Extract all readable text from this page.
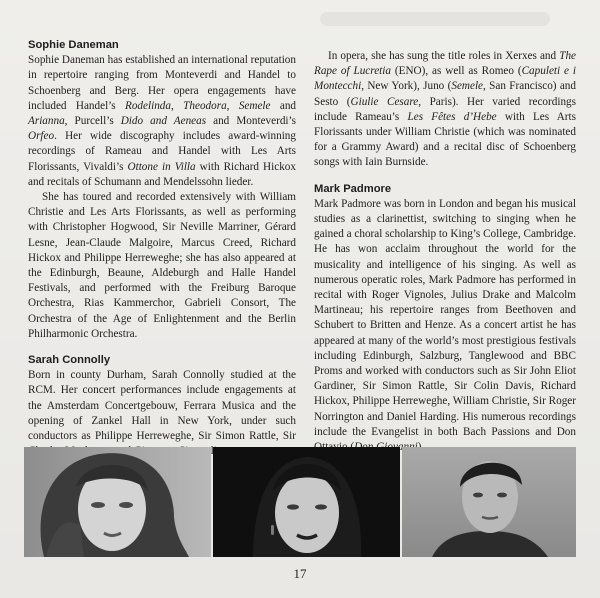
Sophie Daneman

Sophie Daneman has established an international reputation in repertoire ranging from Monteverdi and Handel to Schoenberg and Berg. Her opera engagements have included Handel’s Rodelinda, Theodora, Semele and Arianna, Purcell’s Dido and Aeneas and Monteverdi’s Orfeo. Her wide discography includes award-winning recordings of Rameau and Handel with Les Arts Florissants, Vivaldi’s Ottone in Villa with Richard Hickox and recitals of Schumann and Mendelssohn lieder.

She has toured and recorded extensively with William Christie and Les Arts Florissants, as well as performing with Christopher Hogwood, Sir Neville Marriner, Gérard Lesne, Jean-Claude Malgoire, Marcus Creed, Richard Hickox and Philippe Herreweghe; she has also appeared at the Edinburgh, Beaune, Aldeburgh and Halle Handel Festivals, and performed with the Freiburg Baroque Orchestra, Rias Kammerchor, Gabrieli Consort, The Orchestra of the Age of Enlightenment and the Berlin Philharmonic Orchestra.

Sarah Connolly

Born in county Durham, Sarah Connolly studied at the RCM. Her concert performances include engagements at the Amsterdam Concertgebouw, Ferrara Musica and the opening of Zankel Hall in New York, under such conductors as Philippe Herreweghe, Sir Simon Rattle, Sir

In opera, she has sung the title roles in Xerxes and The Rape of Lucretia (ENO), as well as Romeo (Capuleti e i Montecchi, New York), Juno (Semele, San Francisco) and Sesto (Giulie Cesare, Paris). Her varied recordings include Rameau’s Les Fêtes d’Hebe with Les Arts Florissants under William Christie (which was nominated for a Grammy Award) and a recital disc of Schoenberg songs with Iain Burnside.

Mark Padmore

Mark Padmore was born in London and began his musical studies as a clarinettist, switching to singing when he gained a choral scholarship to King’s College, Cambridge. He has won acclaim throughout the world for the musicality and intelligence of his singing. As well as numerous operatic roles, Mark Padmore has performed in recital with Roger Vignoles, Julius Drake and Malcolm Martineau; his repertoire ranges from Beethoven and Schubert to Britten and Henze. As a concert artist he has appeared at many of the world’s most prestigious festivals including Edinburgh, Salzburg, Tanglewood and BBC Proms and worked with conductors such as Sir John Eliot Gardiner, Sir Simon Rattle, Sir Colin Davis, Richard Hickox, Philippe Herreweghe, William Christie, Sir Roger Norrington and Daniel Harding. His numerous recordings include the Evangelist in both Bach Passions and Don

17
